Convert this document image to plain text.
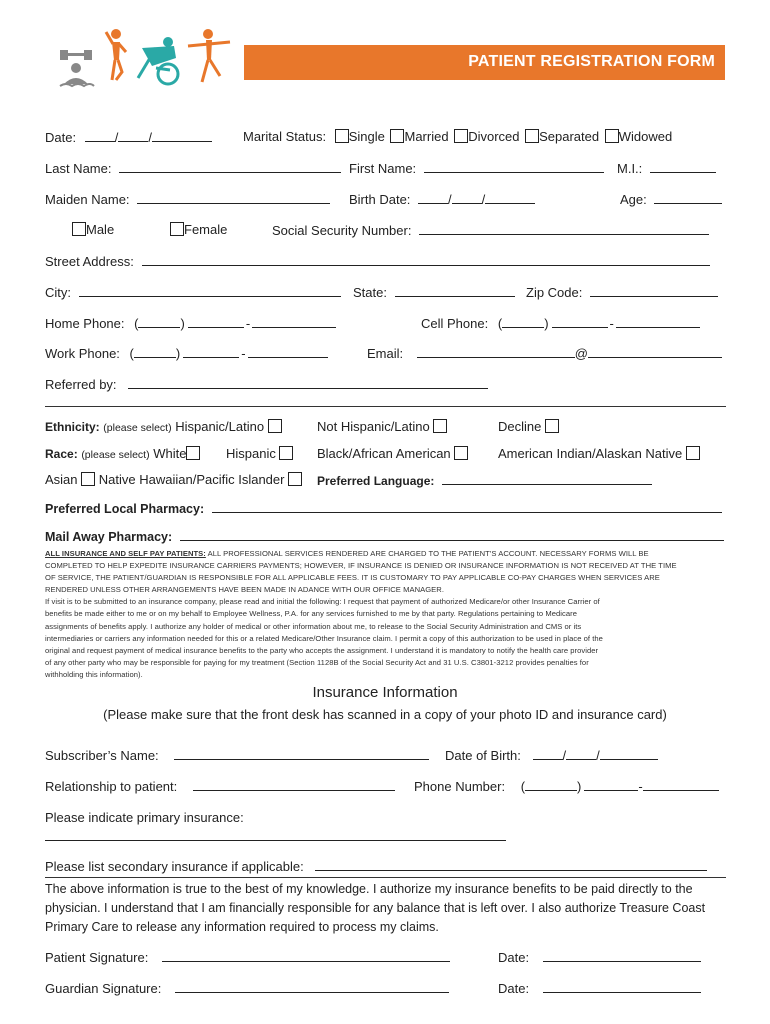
PATIENT REGISTRATION FORM
Date:	/ /	Marital Status: Single Married Divorced Separated Widowed
Last Name:	First Name:	M.I.:
Maiden Name:	Birth Date:	/ /	Age:
Male	Female	Social Security Number:
Street Address:
City:	State:	Zip Code:
Home Phone: (	)	-	Cell Phone: (	)	-
Work Phone: (	)	-	Email:	@
Referred by:
Ethnicity: (please select) Hispanic/Latino	Not Hispanic/Latino	Decline
Race: (please select) White	Hispanic	Black/African American	American Indian/Alaskan Native
Asian Native Hawaiian/Pacific Islander	Preferred Language:
Preferred Local Pharmacy:
Mail Away Pharmacy:
ALL INSURANCE AND SELF PAY PATIENTS: ALL PROFESSIONAL SERVICES RENDERED ARE CHARGED TO THE PATIENT'S ACCOUNT. NECESSARY FORMS WILL BE
COMPLETED TO HELP EXPEDITE INSURANCE CARRIERS PAYMENTS; HOWEVER, IF INSURANCE IS DENIED OR INSURANCE INFORMATION IS NOT RECEIVED AT THE TIME
OF SERVICE, THE PATIENT/GUARDIAN IS RESPONSIBLE FOR ALL APPLICABLE FEES. IT IS CUSTOMARY TO PAY APPLICABLE CO-PAY CHARGES WHEN SERVICES ARE
RENDERED UNLESS OTHER ARRANGEMENTS HAVE BEEN MADE IN ADANCE WITH OUR OFFICE MANAGER.
If visit is to be submitted to an insurance company, please read and initial the following: I request that payment of authorized Medicare/or other Insurance Carrier of
benefits be made either to me or on my behalf to Employee Wellness, P.A. for any services furnished to me by that party. Regulations pertaining to Medicare
assignments of benefits apply. I authorize any holder of medical or other information about me, to release to the Social Security Administration and CMS or its
intermediaries or carriers any information needed for this or a related Medicare/Other Insurance claim. I permit a copy of this authorization to be used in place of the
original and request payment of medical insurance benefits to the party who accepts the assignment. I understand it is mandatory to notify the health care provider
of any other party who may be responsible for paying for my treatment (Section 1128B of the Social Security Act and 31 U.S. C3801-3212 provides penalties for
withholding this information).
Insurance Information
(Please make sure that the front desk has scanned in a copy of your photo ID and insurance card)
Subscriber’s Name:	Date of Birth:	/ /
Relationship to patient:	Phone Number: (	)	-
Please indicate primary insurance:
Please list secondary insurance if applicable:
The above information is true to the best of my knowledge. I authorize my insurance benefits to be paid directly to the physician. I understand that I am financially responsible for any balance that is left over. I also authorize Treasure Coast Primary Care to release any information required to process my claims.
Patient Signature:	Date:
Guardian Signature:	Date:
